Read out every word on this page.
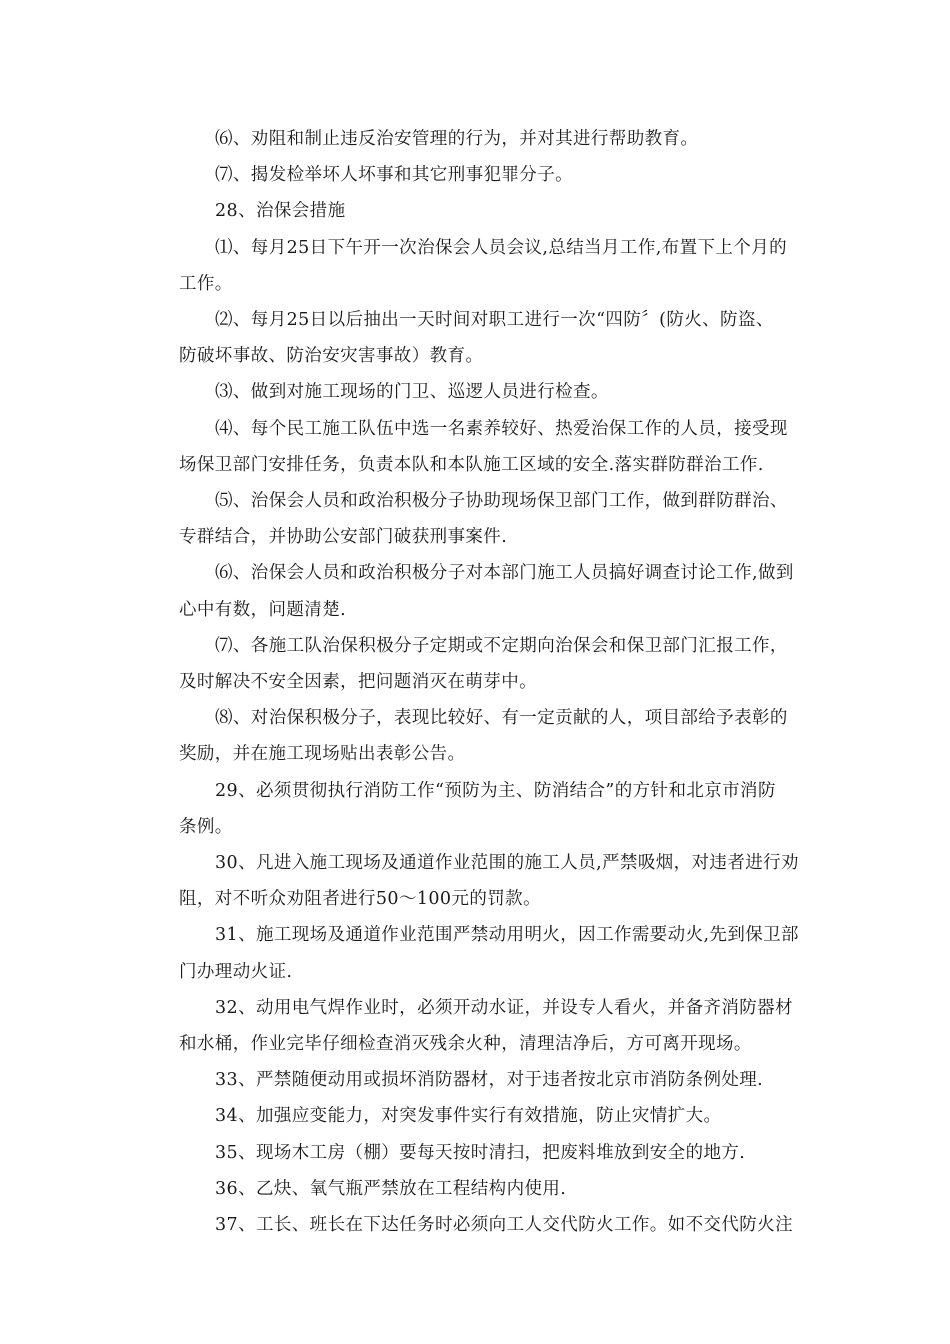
⑹、劝阻和制止违反治安管理的行为，并对其进行帮助教育。
⑺、揭发检举坏人坏事和其它刑事犯罪分子。
28、治保会措施
⑴、每月25日下午开一次治保会人员会议,总结当月工作,布置下上个月的
工作。
⑵、每月25日以后抽出一天时间对职工进行一次“四防〞(防火、防盗、
防破坏事故、防治安灾害事故）教育。
⑶、做到对施工现场的门卫、巡逻人员进行检查。
⑷、每个民工施工队伍中选一名素养较好、热爱治保工作的人员，接受现
场保卫部门安排任务，负责本队和本队施工区域的安全.落实群防群治工作.
⑸、治保会人员和政治积极分子协助现场保卫部门工作，做到群防群治、
专群结合，并协助公安部门破获刑事案件.
⑹、治保会人员和政治积极分子对本部门施工人员搞好调查讨论工作,做到
心中有数，问题清楚.
⑺、各施工队治保积极分子定期或不定期向治保会和保卫部门汇报工作，
及时解决不安全因素，把问题消灭在萌芽中。
⑻、对治保积极分子，表现比较好、有一定贡献的人，项目部给予表彰的
奖励，并在施工现场贴出表彰公告。
29、必须贯彻执行消防工作“预防为主、防消结合”的方针和北京市消防
条例。
30、凡进入施工现场及通道作业范围的施工人员,严禁吸烟，对违者进行劝
阻，对不听众劝阻者进行50～100元的罚款。
31、施工现场及通道作业范围严禁动用明火，因工作需要动火,先到保卫部
门办理动火证.
32、动用电气焊作业时，必须开动水证，并设专人看火，并备齐消防器材
和水桶，作业完毕仔细检查消灭残余火种，清理洁净后，方可离开现场。
33、严禁随便动用或损坏消防器材，对于违者按北京市消防条例处理.
34、加强应变能力，对突发事件实行有效措施，防止灾情扩大。
35、现场木工房（棚）要每天按时清扫，把废料堆放到安全的地方.
36、乙炔、氧气瓶严禁放在工程结构内使用.
37、工长、班长在下达任务时必须向工人交代防火工作。如不交代防火注
